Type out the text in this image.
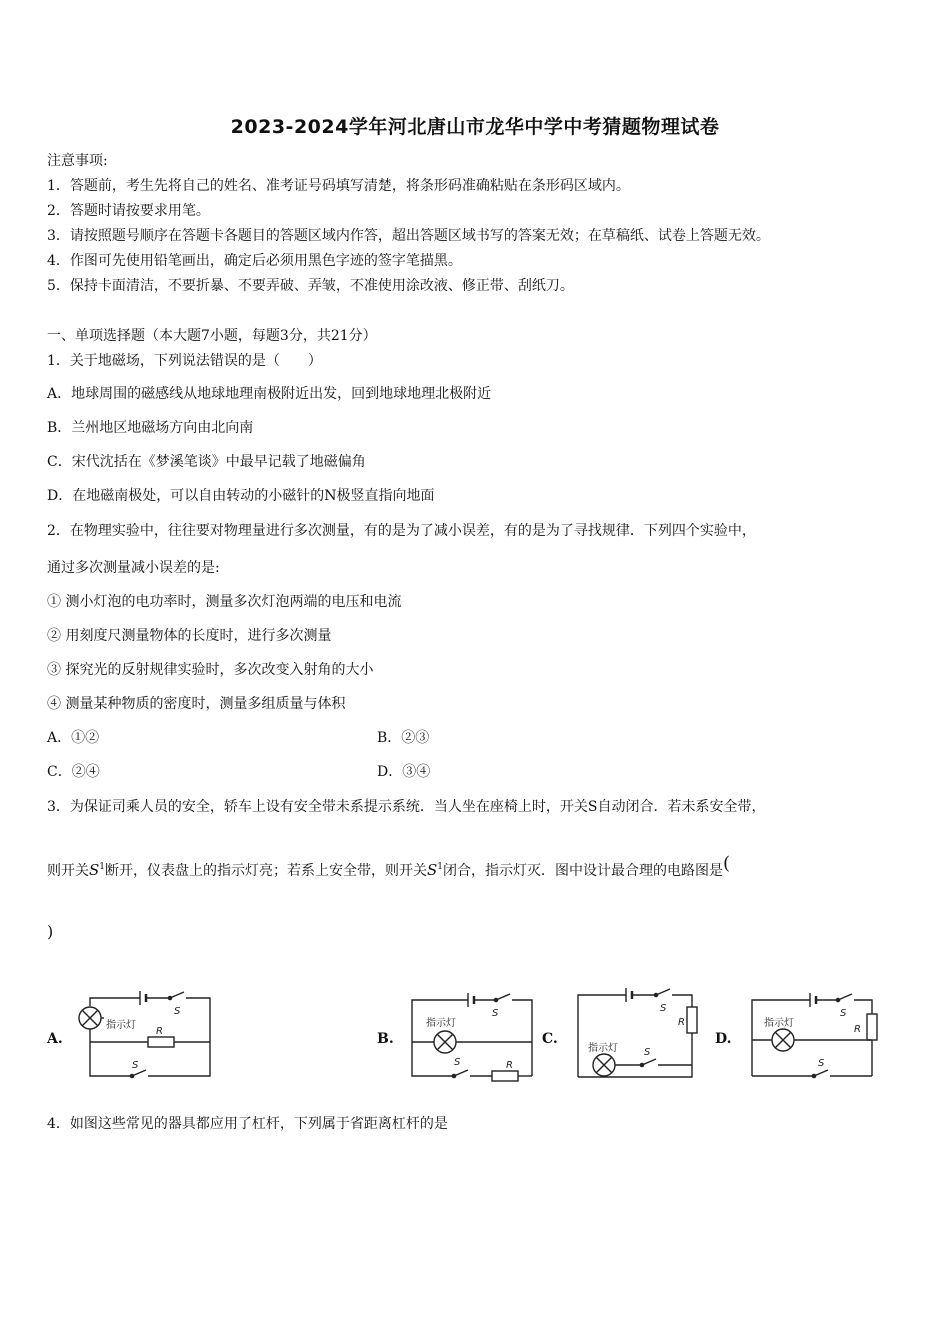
2023-2024学年河北唐山市龙华中学中考猜题物理试卷
注意事项:
1．答题前，考生先将自己的姓名、准考证号码填写清楚，将条形码准确粘贴在条形码区域内。
2．答题时请按要求用笔。
3．请按照题号顺序在答题卡各题目的答题区域内作答，超出答题区域书写的答案无效；在草稿纸、试卷上答题无效。
4．作图可先使用铅笔画出，确定后必须用黑色字迹的签字笔描黑。
5．保持卡面清洁，不要折暴、不要弄破、弄皱，不准使用涂改液、修正带、刮纸刀。
一、单项选择题（本大题7小题，每题3分，共21分）
1．关于地磁场，下列说法错误的是（　　）
A．地球周围的磁感线从地球地理南极附近出发，回到地球地理北极附近
B．兰州地区地磁场方向由北向南
C．宋代沈括在《梦溪笔谈》中最早记载了地磁偏角
D．在地磁南极处，可以自由转动的小磁针的N极竖直指向地面
2．在物理实验中，往往要对物理量进行多次测量，有的是为了减小误差，有的是为了寻找规律．下列四个实验中，
通过多次测量减小误差的是:
① 测小灯泡的电功率时，测量多次灯泡两端的电压和电流
② 用刻度尺测量物体的长度时，进行多次测量
③ 探究光的反射规律实验时，多次改变入射角的大小
④ 测量某种物质的密度时，测量多组质量与体积
A．①②	B．②③
C．②④	D．③④
3．为保证司乘人员的安全，轿车上设有安全带未系提示系统．当人坐在座椅上时，开关S自动闭合．若未系安全带，
则开关$S^1$断开，仪表盘上的指示灯亮；若系上安全带，则开关$S^1$闭合，指示灯灭．图中设计最合理的电路图是(
)
A.	B.	C.	D.
指示灯
R
S
S
指示灯
R
S
S
指示灯
R
S
S
指示灯
R
S
S
4．如图这些常见的器具都应用了杠杆，下列属于省距离杠杆的是
